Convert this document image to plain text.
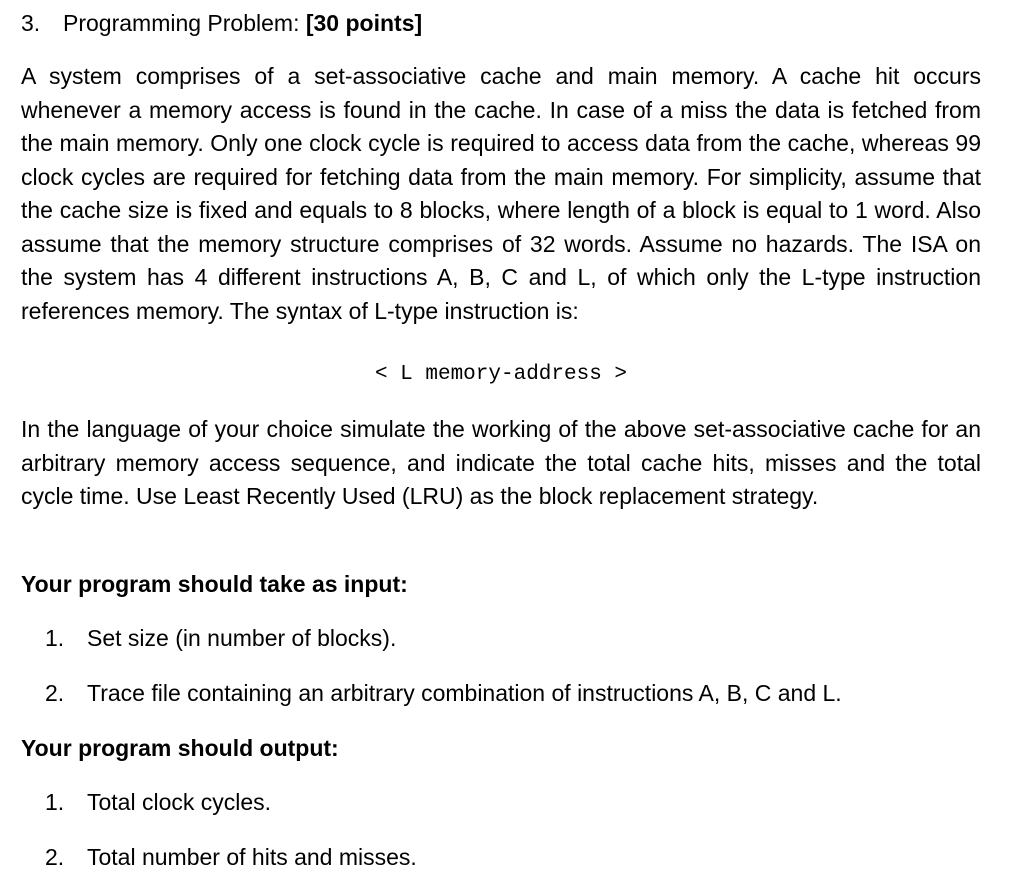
3. Programming Problem: [30 points]
A system comprises of a set-associative cache and main memory. A cache hit occurs whenever a memory access is found in the cache. In case of a miss the data is fetched from the main memory. Only one clock cycle is required to access data from the cache, whereas 99 clock cycles are required for fetching data from the main memory. For simplicity, assume that the cache size is fixed and equals to 8 blocks, where length of a block is equal to 1 word. Also assume that the memory structure comprises of 32 words. Assume no hazards. The ISA on the system has 4 different instructions A, B, C and L, of which only the L-type instruction references memory. The syntax of L-type instruction is:
< L memory-address >
In the language of your choice simulate the working of the above set-associative cache for an arbitrary memory access sequence, and indicate the total cache hits, misses and the total cycle time. Use Least Recently Used (LRU) as the block replacement strategy.
Your program should take as input:
1. Set size (in number of blocks).
2. Trace file containing an arbitrary combination of instructions A, B, C and L.
Your program should output:
1. Total clock cycles.
2. Total number of hits and misses.
